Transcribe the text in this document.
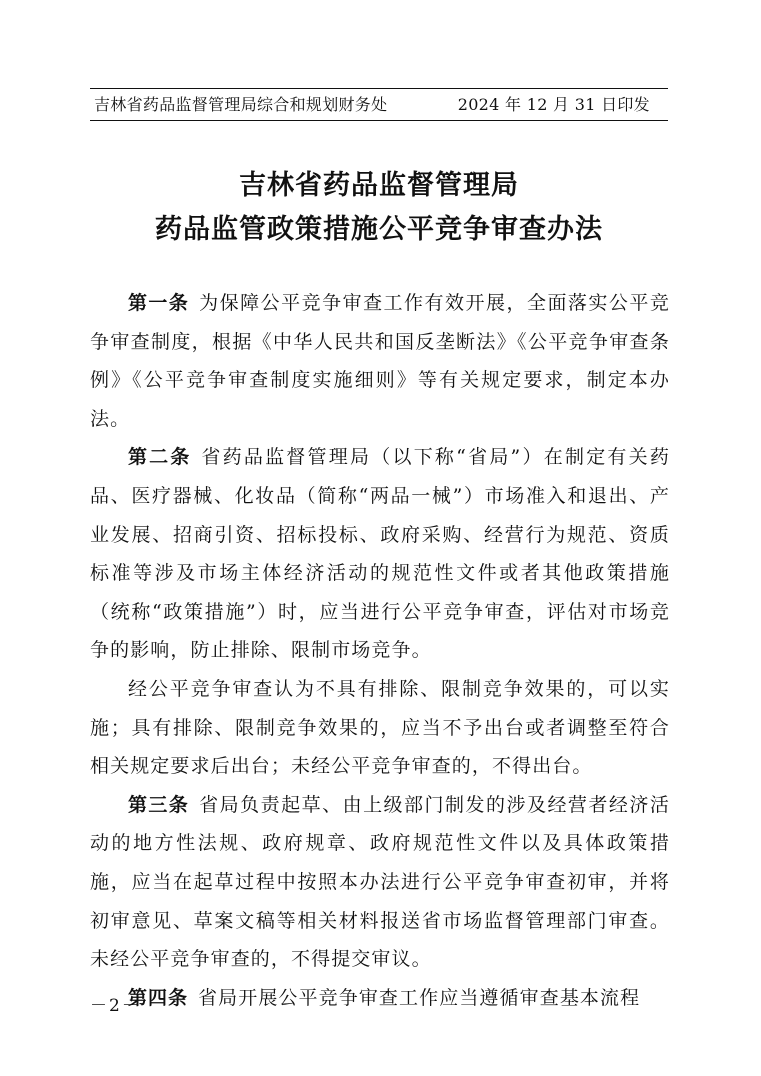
吉林省药品监督管理局综合和规划财务处	2024 年 12 月 31 日印发
吉林省药品监督管理局
药品监管政策措施公平竞争审查办法

第一条 为保障公平竞争审查工作有效开展，全面落实公平竞争审查制度，根据《中华人民共和国反垄断法》《公平竞争审查条例》《公平竞争审查制度实施细则》等有关规定要求，制定本办法。

第二条 省药品监督管理局（以下称“省局”）在制定有关药品、医疗器械、化妆品（简称“两品一械”）市场准入和退出、产业发展、招商引资、招标投标、政府采购、经营行为规范、资质标准等涉及市场主体经济活动的规范性文件或者其他政策措施（统称“政策措施”）时，应当进行公平竞争审查，评估对市场竞争的影响，防止排除、限制市场竞争。

经公平竞争审查认为不具有排除、限制竞争效果的，可以实施；具有排除、限制竞争效果的，应当不予出台或者调整至符合相关规定要求后出台；未经公平竞争审查的，不得出台。

第三条 省局负责起草、由上级部门制发的涉及经营者经济活动的地方性法规、政府规章、政府规范性文件以及具体政策措施，应当在起草过程中按照本办法进行公平竞争审查初审，并将初审意见、草案文稿等相关材料报送省市场监督管理部门审查。未经公平竞争审查的，不得提交审议。

第四条 省局开展公平竞争审查工作应当遵循审查基本流程

－2－
